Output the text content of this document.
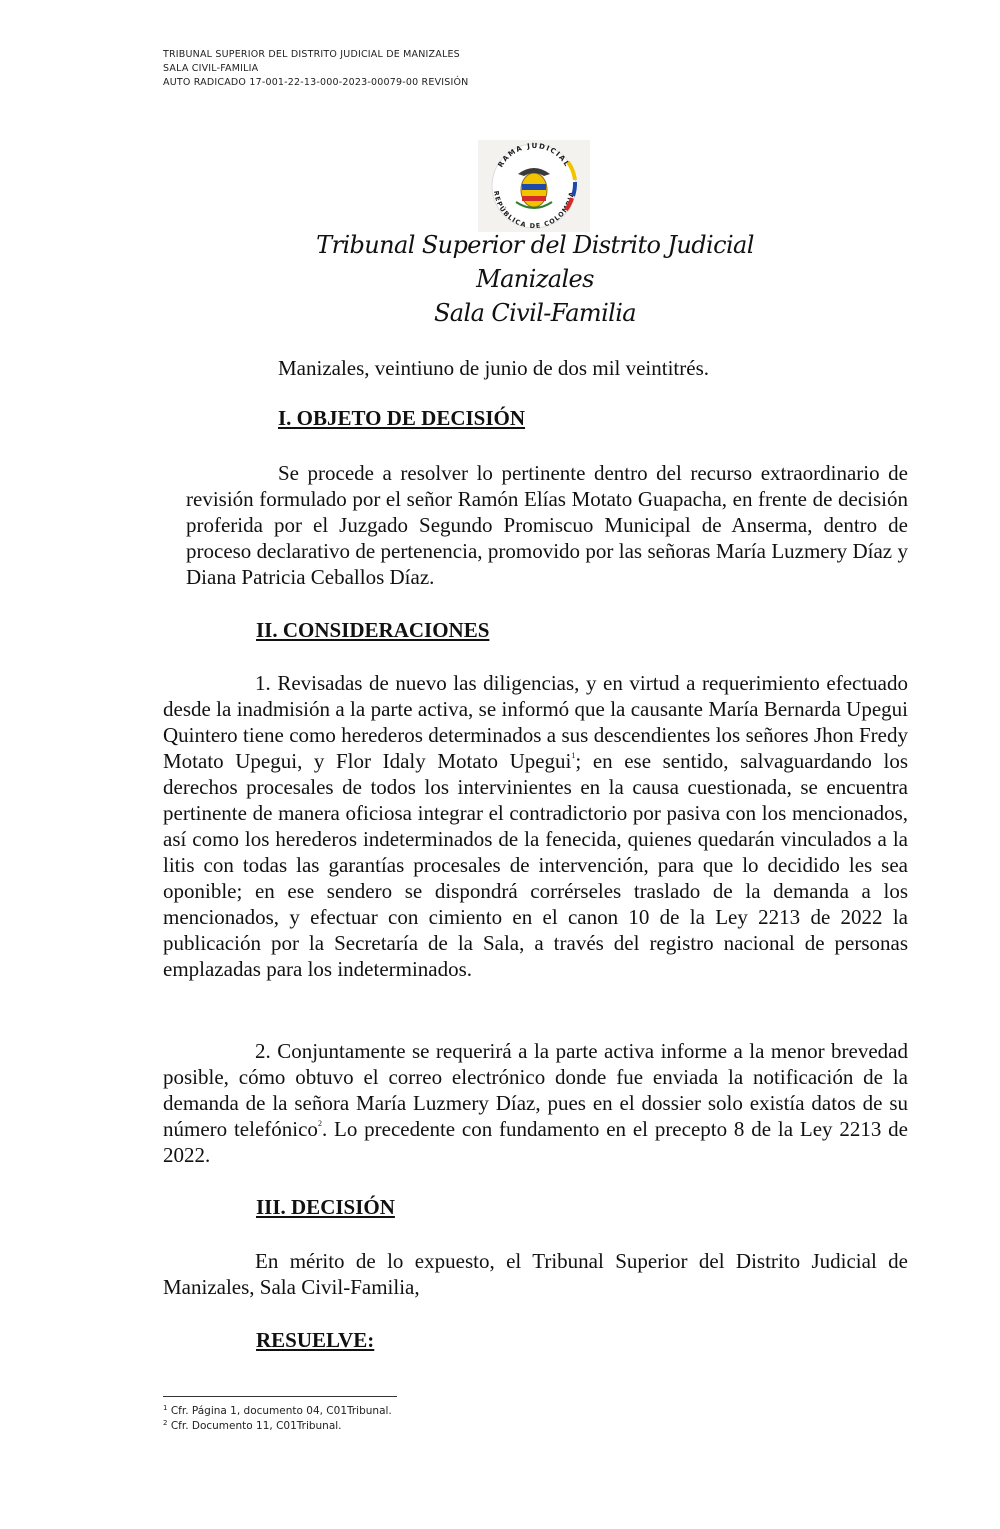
TRIBUNAL SUPERIOR DEL DISTRITO JUDICIAL DE MANIZALES
SALA CIVIL-FAMILIA
AUTO RADICADO 17-001-22-13-000-2023-00079-00 REVISIÓN
RAMA JUDICIAL
REPÚBLICA DE COLOMBIA
Tribunal Superior del Distrito Judicial
Manizales
Sala Civil-Familia
Manizales, veintiuno de junio de dos mil veintitrés.
I. OBJETO DE DECISIÓN
Se procede a resolver lo pertinente dentro del recurso extraordinario de revisión formulado por el señor Ramón Elías Motato Guapacha, en frente de decisión proferida por el Juzgado Segundo Promiscuo Municipal de Anserma, dentro de proceso declarativo de pertenencia, promovido por las señoras María Luzmery Díaz y Diana Patricia Ceballos Díaz.
II. CONSIDERACIONES
1. Revisadas de nuevo las diligencias, y en virtud a requerimiento efectuado desde la inadmisión a la parte activa, se informó que la causante María Bernarda Upegui Quintero tiene como herederos determinados a sus descendientes los señores Jhon Fredy Motato Upegui, y Flor Idaly Motato Upegui$^1$; en ese sentido, salvaguardando los derechos procesales de todos los intervinientes en la causa cuestionada, se encuentra pertinente de manera oficiosa integrar el contradictorio por pasiva con los mencionados, así como los herederos indeterminados de la fenecida, quienes quedarán vinculados a la litis con todas las garantías procesales de intervención, para que lo decidido les sea oponible; en ese sendero se dispondrá corrérseles traslado de la demanda a los mencionados, y efectuar con cimiento en el canon 10 de la Ley 2213 de 2022 la publicación por la Secretaría de la Sala, a través del registro nacional de personas emplazadas para los indeterminados.
2. Conjuntamente se requerirá a la parte activa informe a la menor brevedad posible, cómo obtuvo el correo electrónico donde fue enviada la notificación de la demanda de la señora María Luzmery Díaz, pues en el dossier solo existía datos de su número telefónico$^2$. Lo precedente con fundamento en el precepto 8 de la Ley 2213 de 2022.
III. DECISIÓN
En mérito de lo expuesto, el Tribunal Superior del Distrito Judicial de Manizales, Sala Civil-Familia,
RESUELVE:
$^1$ Cfr. Página 1, documento 04, C01Tribunal.
$^2$ Cfr. Documento 11, C01Tribunal.
